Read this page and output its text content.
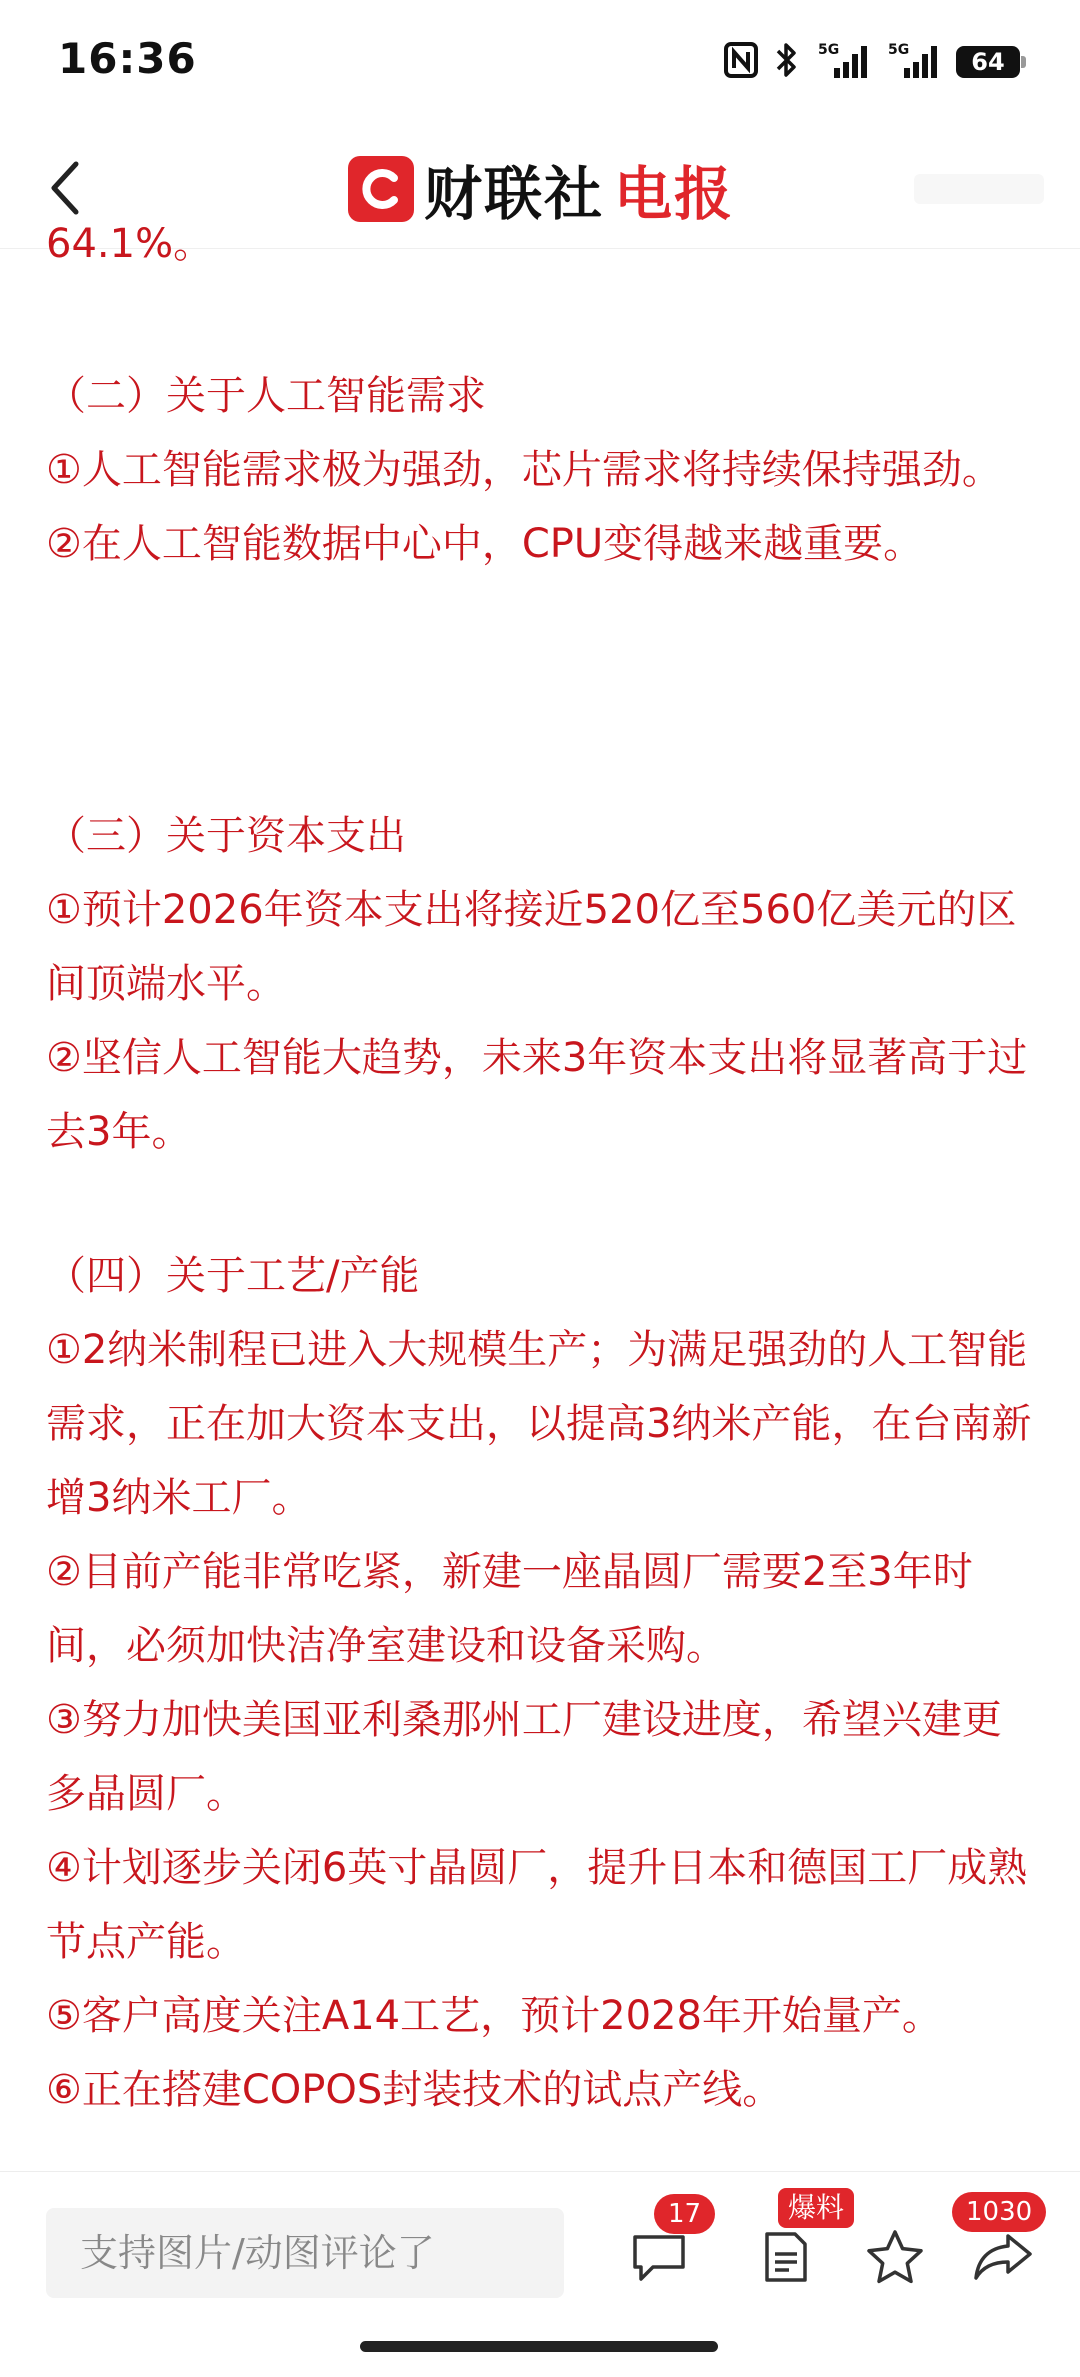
16:36	5G	5G	64
财联社 电报
64.1%。

（二）关于人工智能需求

①人工智能需求极为强劲，芯片需求将持续保持强劲。

②在人工智能数据中心中，CPU变得越来越重要。

（三）关于资本支出

①预计2026年资本支出将接近520亿至560亿美元的区间顶端水平。

②坚信人工智能大趋势，未来3年资本支出将显著高于过去3年。

（四）关于工艺/产能

①2纳米制程已进入大规模生产；为满足强劲的人工智能需求，正在加大资本支出，以提高3纳米产能，在台南新增3纳米工厂。

②目前产能非常吃紧，新建一座晶圆厂需要2至3年时间，必须加快洁净室建设和设备采购。

③努力加快美国亚利桑那州工厂建设进度，希望兴建更多晶圆厂。

④计划逐步关闭6英寸晶圆厂，提升日本和德国工厂成熟节点产能。

⑤客户高度关注A14工艺，预计2028年开始量产。

⑥正在搭建COPOS封装技术的试点产线。

支持图片/动图评论了
17	爆料	1030
